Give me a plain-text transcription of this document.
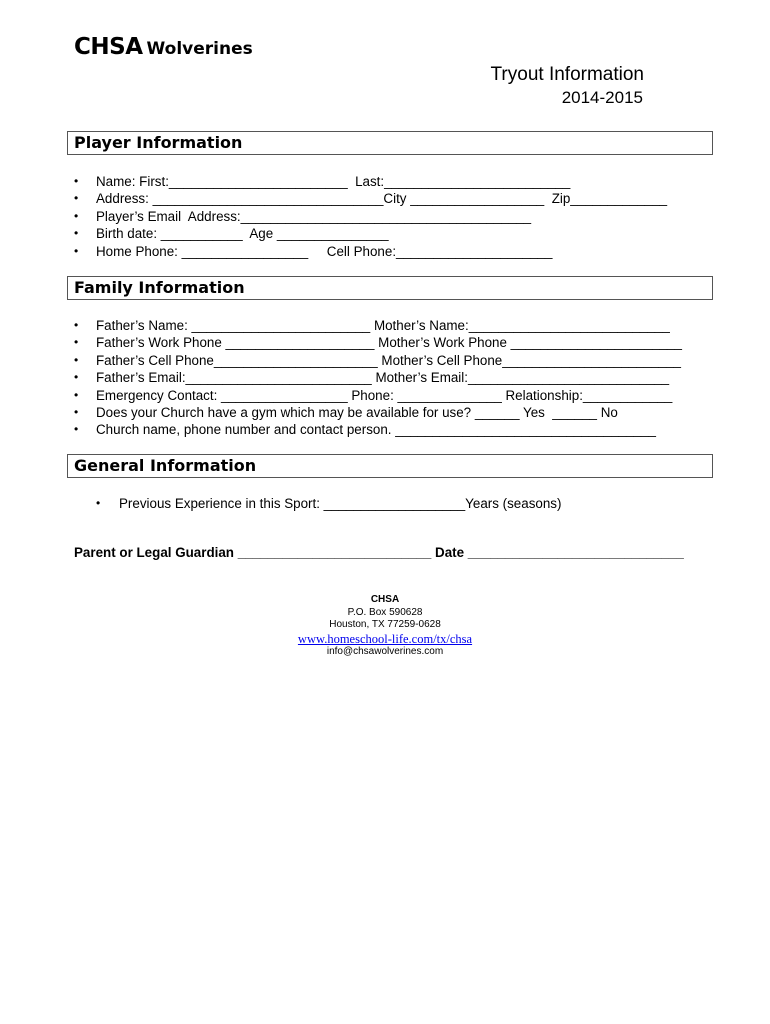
CHSA Wolverines
Tryout Information
2014-2015
Player Information
• Name: First:________________________  Last:_________________________
• Address: _______________________________City __________________  Zip_____________
• Player’s Email  Address:_______________________________________
• Birth date: ___________  Age _______________
• Home Phone: _________________     Cell Phone:_____________________
Family Information
• Father’s Name: ________________________ Mother’s Name:___________________________
• Father’s Work Phone ____________________ Mother’s Work Phone _______________________
• Father’s Cell Phone______________________ Mother’s Cell Phone________________________
• Father’s Email:_________________________ Mother’s Email:___________________________
• Emergency Contact: _________________ Phone: ______________ Relationship:____________
• Does your Church have a gym which may be available for use? ______ Yes  ______ No
• Church name, phone number and contact person. ___________________________________
General Information
• Previous Experience in this Sport: ___________________Years (seasons)
Parent or Legal Guardian __________________________ Date _____________________________
CHSA
P.O. Box 590628
Houston, TX 77259-0628
www.homeschool-life.com/tx/chsa
info@chsawolverines.com
